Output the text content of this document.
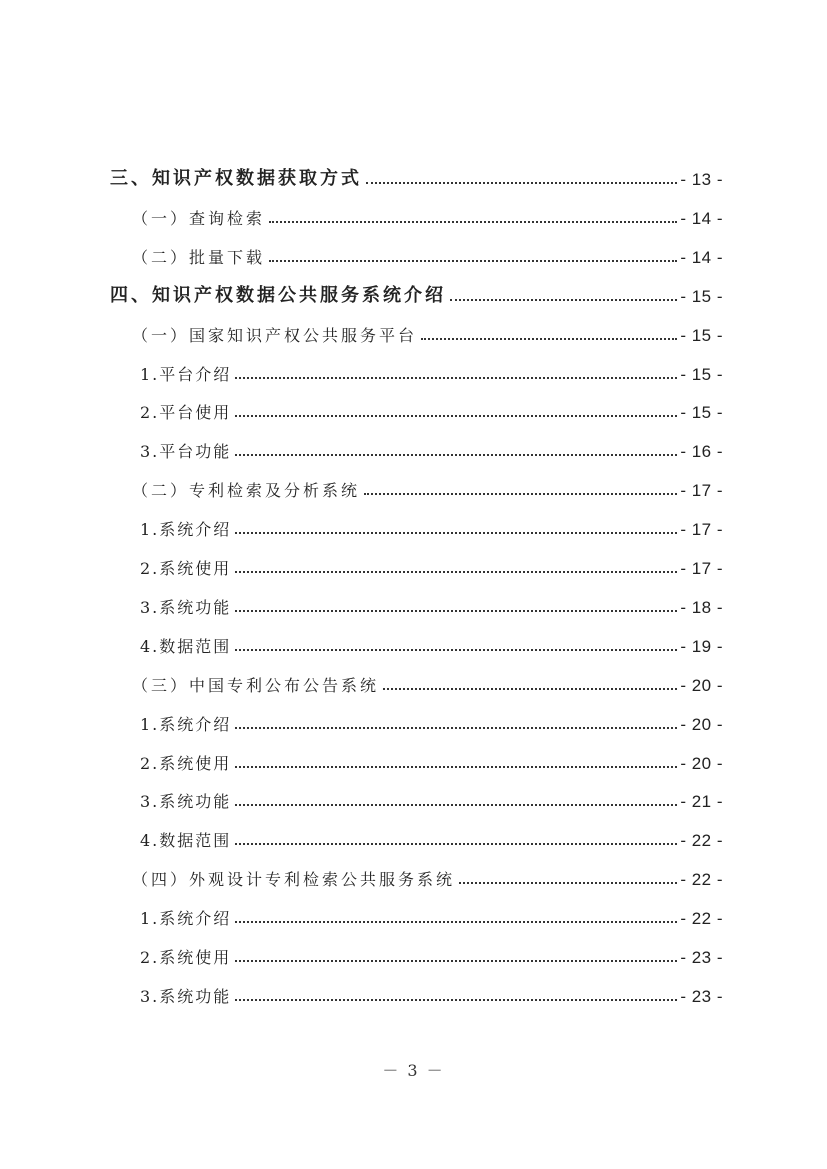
三、知识产权数据获取方式	- 13 -
（一）查询检索	- 14 -
（二）批量下载	- 14 -
四、知识产权数据公共服务系统介绍	- 15 -
（一）国家知识产权公共服务平台	- 15 -
1.平台介绍	- 15 -
2.平台使用	- 15 -
3.平台功能	- 16 -
（二）专利检索及分析系统	- 17 -
1.系统介绍	- 17 -
2.系统使用	- 17 -
3.系统功能	- 18 -
4.数据范围	- 19 -
（三）中国专利公布公告系统	- 20 -
1.系统介绍	- 20 -
2.系统使用	- 20 -
3.系统功能	- 21 -
4.数据范围	- 22 -
（四）外观设计专利检索公共服务系统	- 22 -
1.系统介绍	- 22 -
2.系统使用	- 23 -
3.系统功能	- 23 -
－ 3 －
